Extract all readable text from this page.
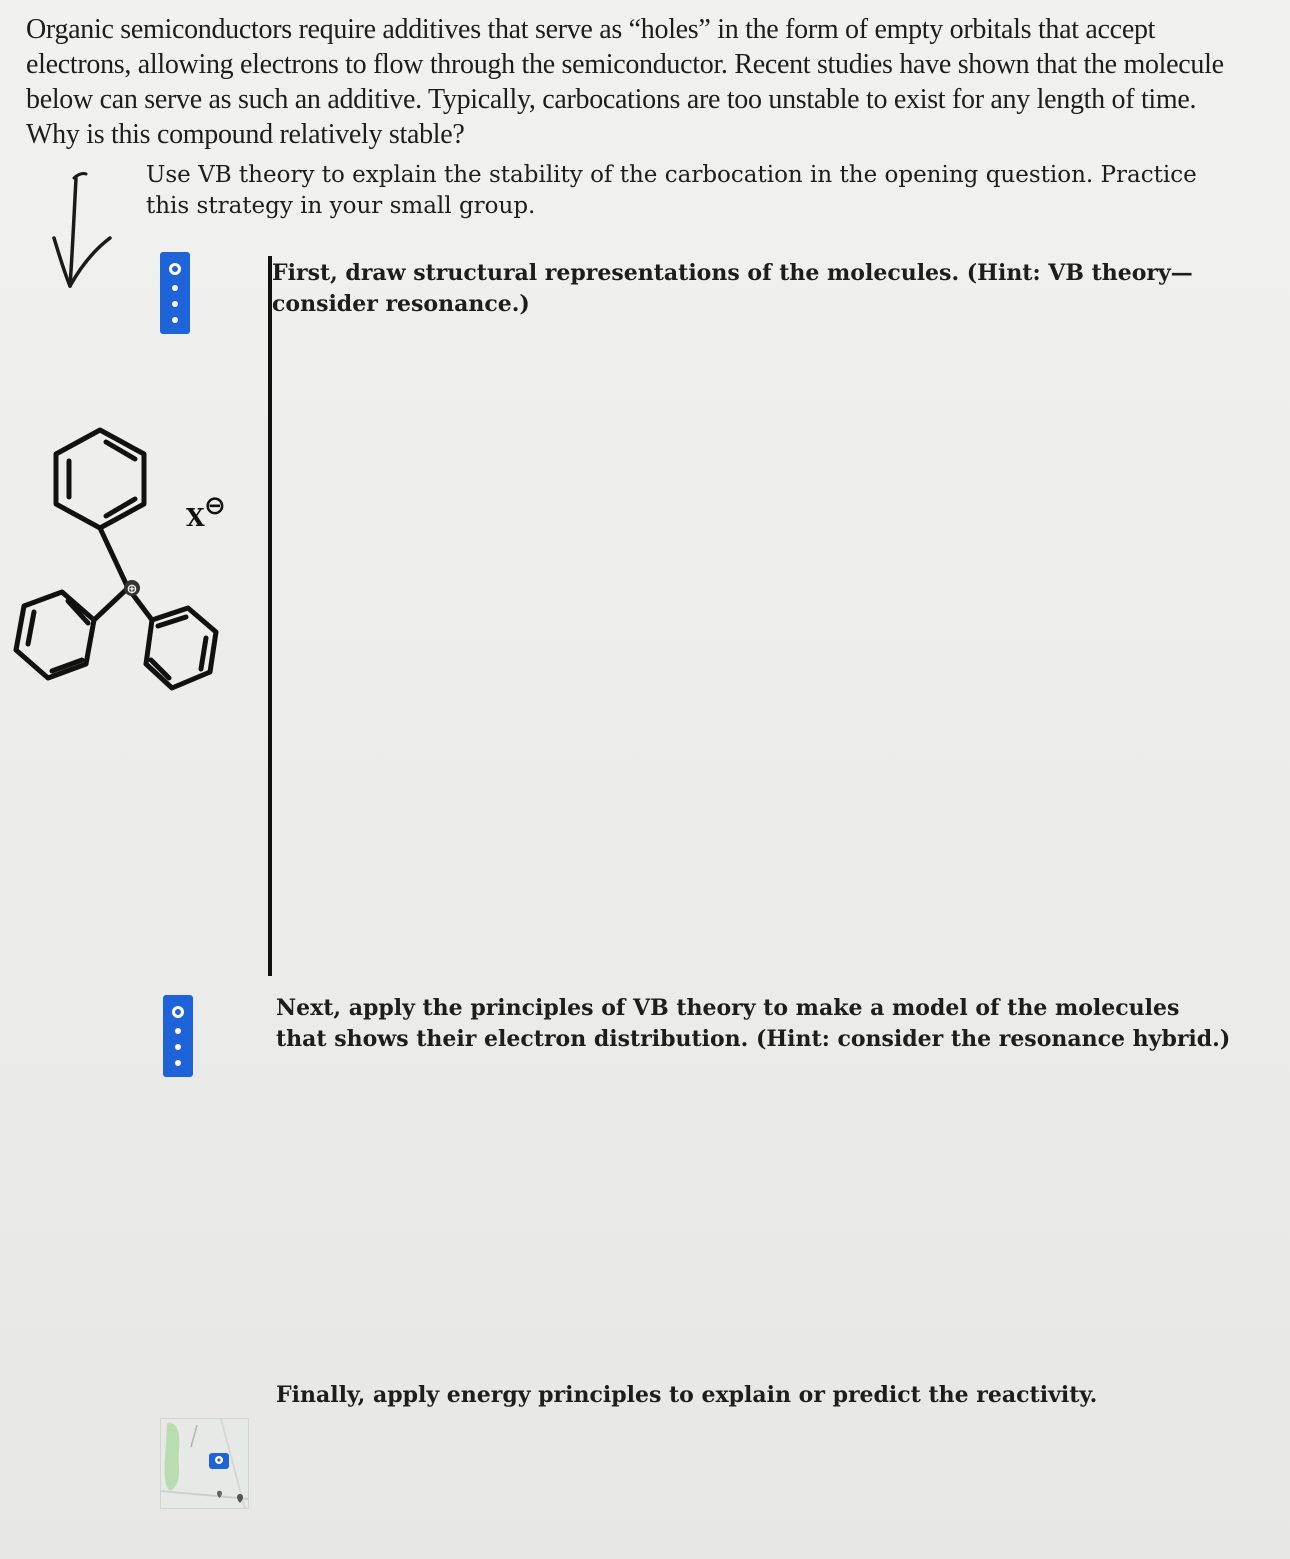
Organic semiconductors require additives that serve as “holes” in the form of empty orbitals that accept electrons, allowing electrons to flow through the semiconductor. Recent studies have shown that the molecule below can serve as such an additive. Typically, carbocations are too unstable to exist for any length of time. Why is this compound relatively stable?

Use VB theory to explain the stability of the carbocation in the opening question. Practice this strategy in your small group.

First, draw structural representations of the molecules. (Hint: VB theory—consider resonance.)

⊕
X ⊖

Next, apply the principles of VB theory to make a model of the molecules that shows their electron distribution. (Hint: consider the resonance hybrid.)

Finally, apply energy principles to explain or predict the reactivity.
